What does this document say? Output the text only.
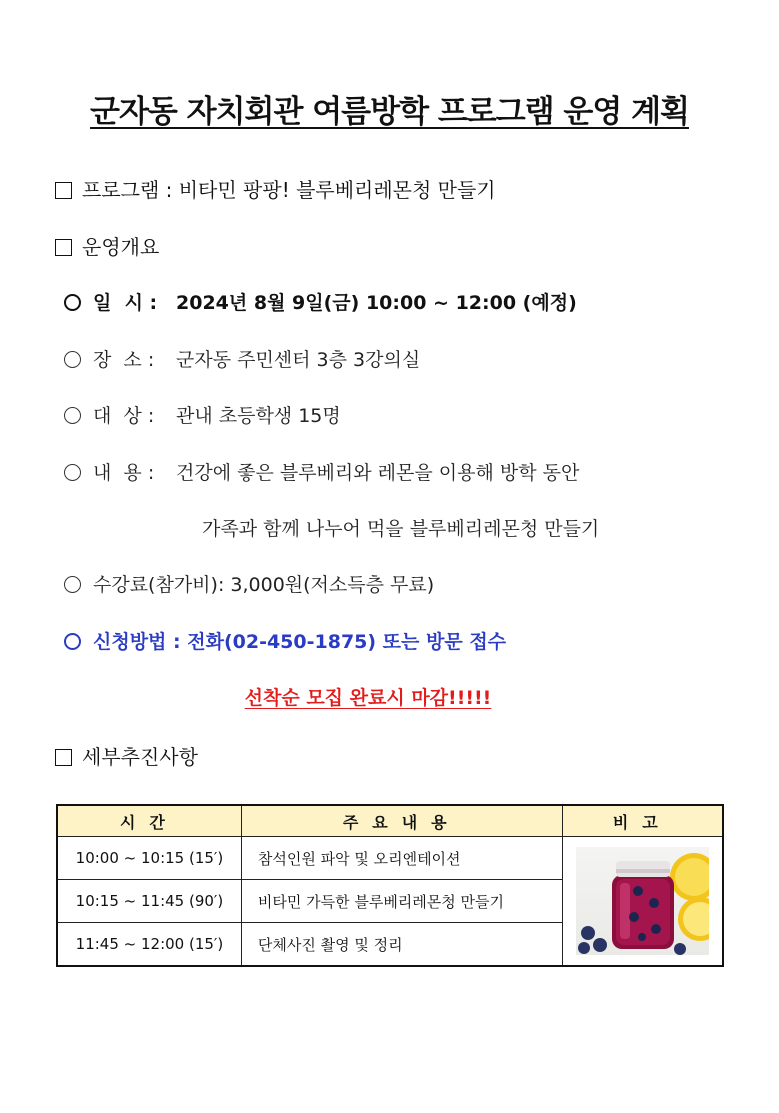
군자동 자치회관 여름방학 프로그램 운영 계획
프로그램 : 비타민 팡팡! 블루베리레몬청 만들기
운영개요
일  시 : 2024년 8월 9일(금) 10:00 ~ 12:00 (예정)
장  소 : 군자동 주민센터 3층 3강의실
대  상 : 관내 초등학생 15명
내  용 : 건강에 좋은 블루베리와 레몬을 이용해 방학 동안
가족과 함께 나누어 먹을 블루베리레몬청 만들기
수강료(참가비): 3,000원(저소득층 무료)
신청방법 : 전화(02-450-1875) 또는 방문 접수
선착순 모집 완료시 마감!!!!!
세부추진사항
시간	주요내용	비고
10:00 ~ 10:15 (15′)	참석인원 파악 및 오리엔테이션	

10:15 ~ 11:45 (90′)	비타민 가득한 블루베리레몬청 만들기	
11:45 ~ 12:00 (15′)	단체사진 촬영 및 정리	
